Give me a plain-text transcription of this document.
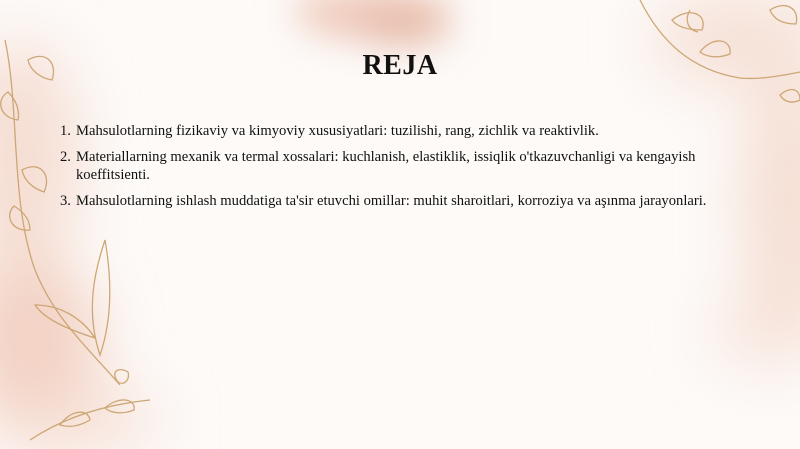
REJA
1. Mahsulotlarning fizikaviy va kimyoviy xususiyatlari: tuzilishi, rang, zichlik va reaktivlik.
2. Materiallarning mexanik va termal xossalari: kuchlanish, elastiklik, issiqlik o'tkazuvchanligi va kengayish koeffitsienti.
3. Mahsulotlarning ishlash muddatiga ta'sir etuvchi omillar: muhit sharoitlari, korroziya va aşınma jarayonlari.
